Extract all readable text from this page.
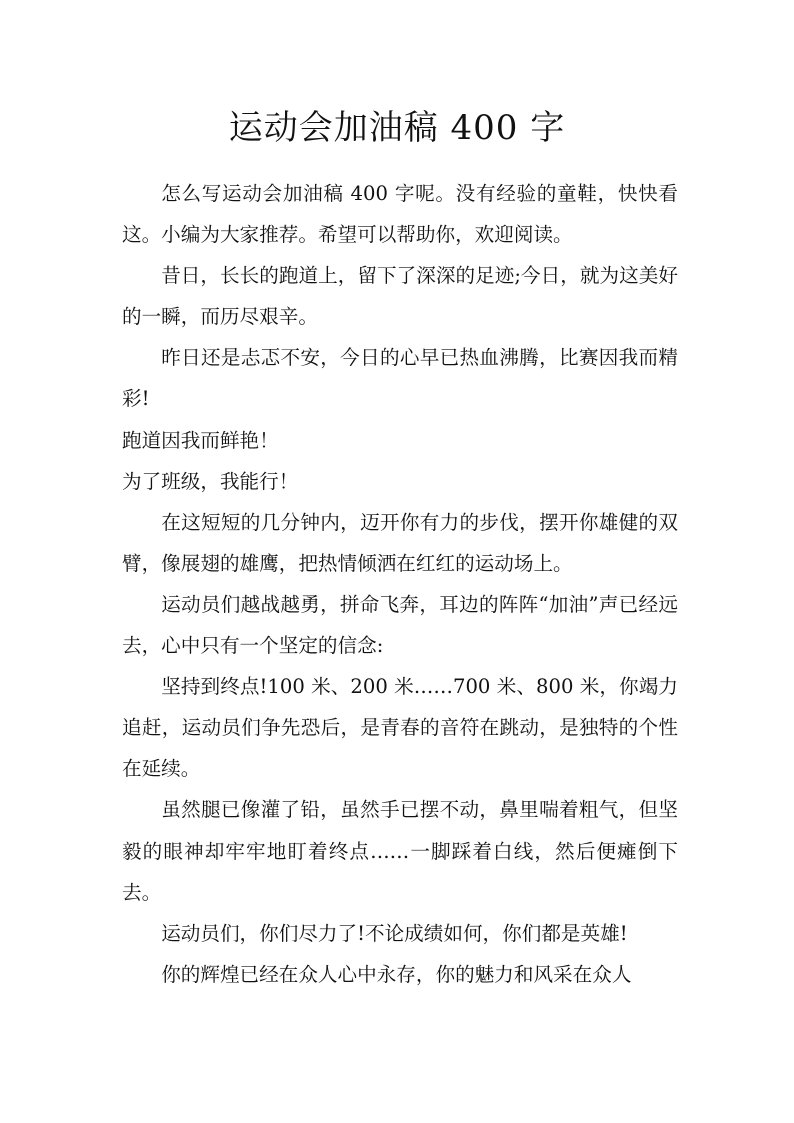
运动会加油稿 400 字

怎么写运动会加油稿 400 字呢。没有经验的童鞋，快快看这。小编为大家推荐。希望可以帮助你，欢迎阅读。

昔日，长长的跑道上，留下了深深的足迹;今日，就为这美好的一瞬，而历尽艰辛。

昨日还是忐忑不安，今日的心早已热血沸腾，比赛因我而精彩!

跑道因我而鲜艳！

为了班级，我能行！

在这短短的几分钟内，迈开你有力的步伐，摆开你雄健的双臂，像展翅的雄鹰，把热情倾洒在红红的运动场上。

运动员们越战越勇，拼命飞奔，耳边的阵阵“加油”声已经远去，心中只有一个坚定的信念:

坚持到终点!100 米、200 米……700 米、800 米，你竭力追赶，运动员们争先恐后，是青春的音符在跳动，是独特的个性在延续。

虽然腿已像灌了铅，虽然手已摆不动，鼻里喘着粗气，但坚毅的眼神却牢牢地盯着终点……一脚踩着白线，然后便瘫倒下去。

运动员们，你们尽力了!不论成绩如何，你们都是英雄!

你的辉煌已经在众人心中永存，你的魅力和风采在众人
